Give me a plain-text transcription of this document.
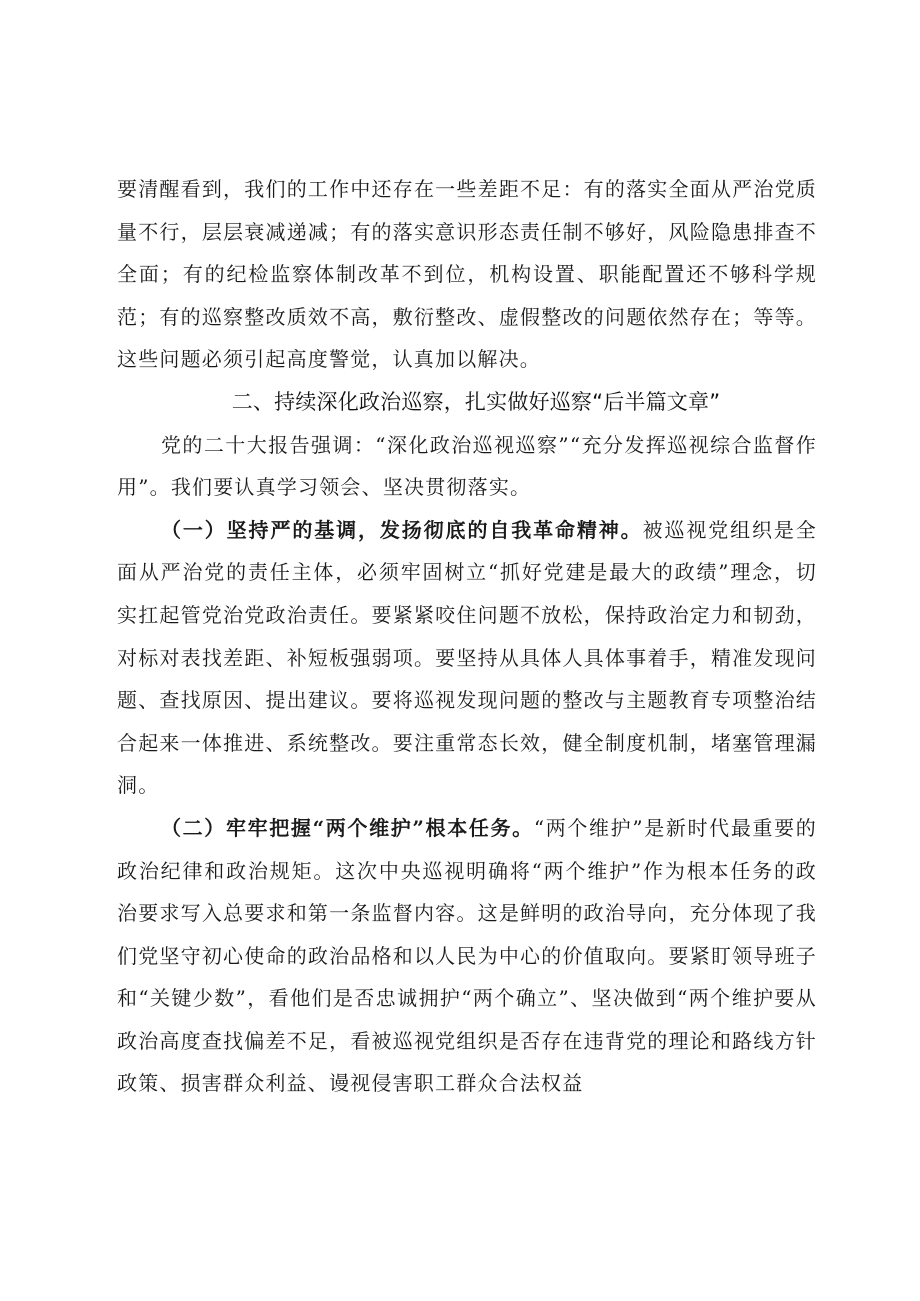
要清醒看到，我们的工作中还存在一些差距不足：有的落实全面从严治党质量不行，层层衰减递减；有的落实意识形态责任制不够好，风险隐患排查不全面；有的纪检监察体制改革不到位，机构设置、职能配置还不够科学规范；有的巡察整改质效不高，敷衍整改、虚假整改的问题依然存在；等等。这些问题必须引起高度警觉，认真加以解决。

二、持续深化政治巡察，扎实做好巡察“后半篇文章”

党的二十大报告强调：“深化政治巡视巡察”“充分发挥巡视综合监督作用”。我们要认真学习领会、坚决贯彻落实。

（一）坚持严的基调，发扬彻底的自我革命精神。被巡视党组织是全面从严治党的责任主体，必须牢固树立“抓好党建是最大的政绩”理念，切实扛起管党治党政治责任。要紧紧咬住问题不放松，保持政治定力和韧劲，对标对表找差距、补短板强弱项。要坚持从具体人具体事着手，精准发现问题、查找原因、提出建议。要将巡视发现问题的整改与主题教育专项整治结合起来一体推进、系统整改。要注重常态长效，健全制度机制，堵塞管理漏洞。

（二）牢牢把握“两个维护”根本任务。“两个维护”是新时代最重要的政治纪律和政治规矩。这次中央巡视明确将“两个维护”作为根本任务的政治要求写入总要求和第一条监督内容。这是鲜明的政治导向，充分体现了我们党坚守初心使命的政治品格和以人民为中心的价值取向。要紧盯领导班子和“关键少数”，看他们是否忠诚拥护“两个确立”、坚决做到“两个维护要从政治高度查找偏差不足，看被巡视党组织是否存在违背党的理论和路线方针政策、损害群众利益、谩视侵害职工群众合法权益
